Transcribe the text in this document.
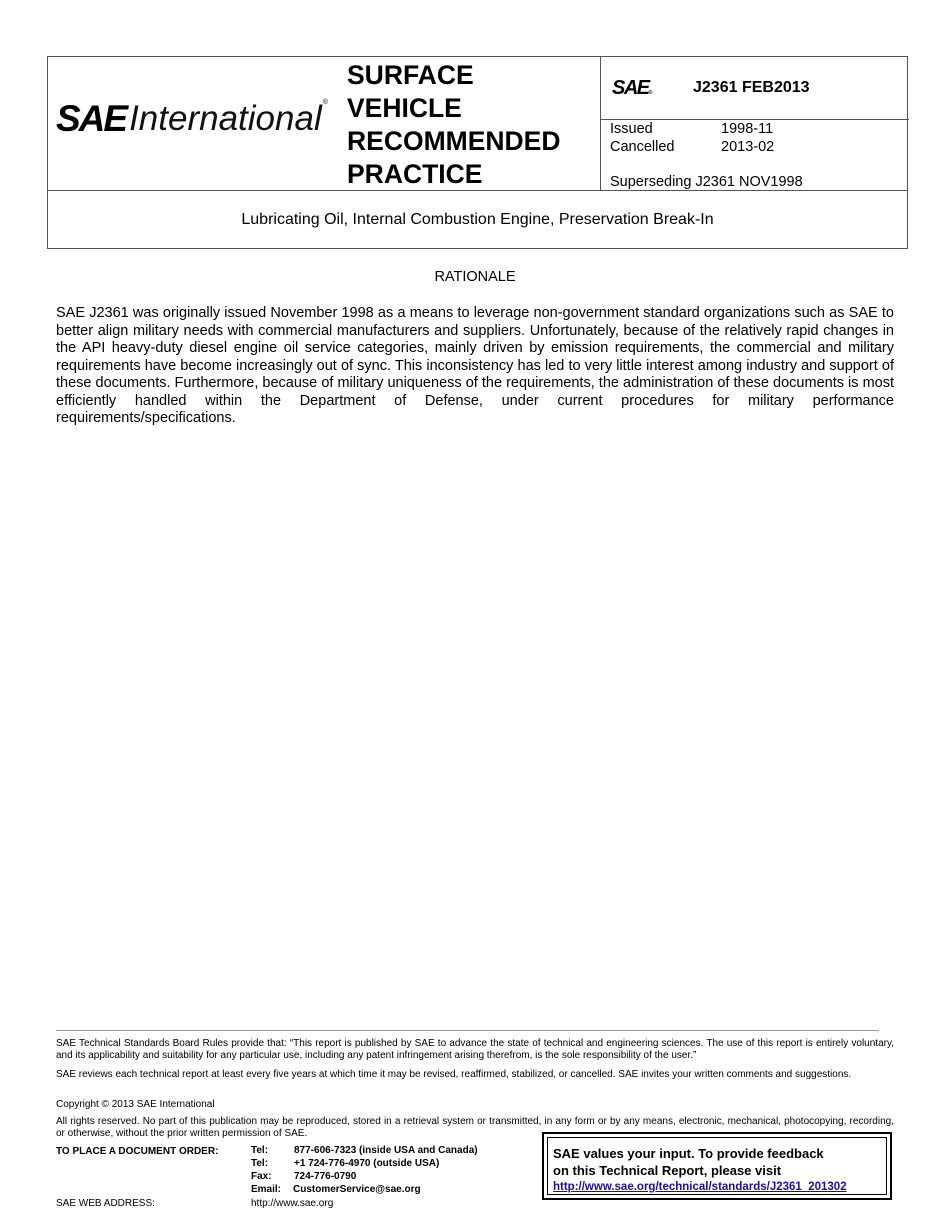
SAE International ®
SURFACE
VEHICLE
RECOMMENDED
PRACTICE
SAE®	J2361 FEB2013
Issued	1998-11
Cancelled	2013-02
Superseding J2361 NOV1998
Lubricating Oil, Internal Combustion Engine, Preservation Break-In
RATIONALE
SAE J2361 was originally issued November 1998 as a means to leverage non-government standard organizations such as SAE to better align military needs with commercial manufacturers and suppliers. Unfortunately, because of the relatively rapid changes in the API heavy-duty diesel engine oil service categories, mainly driven by emission requirements, the commercial and military requirements have become increasingly out of sync. This inconsistency has led to very little interest among industry and support of these documents. Furthermore, because of military uniqueness of the requirements, the administration of these documents is most efficiently handled within the Department of Defense, under current procedures for military performance requirements/specifications.
SAE Technical Standards Board Rules provide that: “This report is published by SAE to advance the state of technical and engineering sciences. The use of this report is entirely voluntary, and its applicability and suitability for any particular use, including any patent infringement arising therefrom, is the sole responsibility of the user.”
SAE reviews each technical report at least every five years at which time it may be revised, reaffirmed, stabilized, or cancelled. SAE invites your written comments and suggestions.
Copyright © 2013 SAE International
All rights reserved. No part of this publication may be reproduced, stored in a retrieval system or transmitted, in any form or by any means, electronic, mechanical, photocopying, recording, or otherwise, without the prior written permission of SAE.
TO PLACE A DOCUMENT ORDER:	Tel:	877-606-7323 (inside USA and Canada)
Tel:	+1 724-776-4970 (outside USA)
Fax: 724-776-0790
Email: CustomerService@sae.org
SAE WEB ADDRESS:	http://www.sae.org
SAE values your input. To provide feedback
on this Technical Report, please visit
http://www.sae.org/technical/standards/J2361_201302
